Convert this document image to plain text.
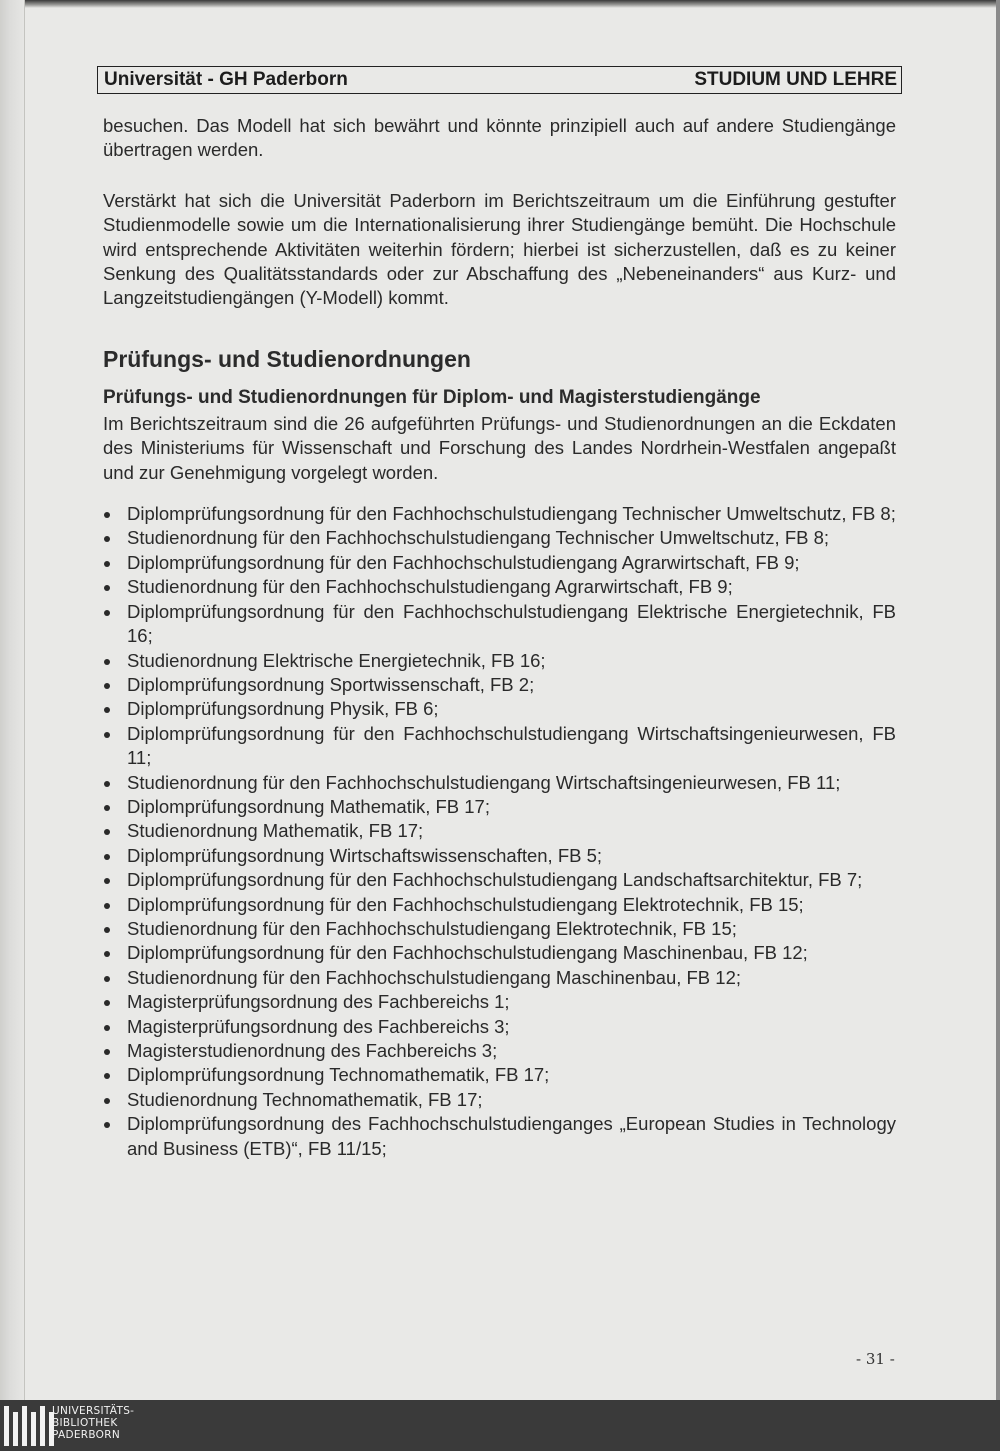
Universität - GH Paderborn	STUDIUM UND LEHRE

besuchen. Das Modell hat sich bewährt und könnte prinzipiell auch auf andere Studiengänge übertragen werden.

Verstärkt hat sich die Universität Paderborn im Berichtszeitraum um die Einführung gestufter Studienmodelle sowie um die Internationalisierung ihrer Studiengänge bemüht. Die Hochschule wird entsprechende Aktivitäten weiterhin fördern; hierbei ist sicherzustellen, daß es zu keiner Senkung des Qualitätsstandards oder zur Abschaffung des „Nebeneinanders“ aus Kurz- und Langzeitstudiengängen (Y-Modell) kommt.

Prüfungs- und Studienordnungen
Prüfungs- und Studienordnungen für Diplom- und Magisterstudiengänge

Im Berichtszeitraum sind die 26 aufgeführten Prüfungs- und Studienordnungen an die Eckdaten des Ministeriums für Wissenschaft und Forschung des Landes Nordrhein-Westfalen angepaßt und zur Genehmigung vorgelegt worden.

Diplomprüfungsordnung für den Fachhochschulstudiengang Technischer Umweltschutz, FB 8;
Studienordnung für den Fachhochschulstudiengang Technischer Umweltschutz, FB 8;
Diplomprüfungsordnung für den Fachhochschulstudiengang Agrarwirtschaft, FB 9;
Studienordnung für den Fachhochschulstudiengang Agrarwirtschaft, FB 9;
Diplomprüfungsordnung für den Fachhochschulstudiengang Elektrische Energietechnik, FB 16;
Studienordnung Elektrische Energietechnik, FB 16;
Diplomprüfungsordnung Sportwissenschaft, FB 2;
Diplomprüfungsordnung Physik, FB 6;
Diplomprüfungsordnung für den Fachhochschulstudiengang Wirtschaftsingenieurwesen, FB 11;
Studienordnung für den Fachhochschulstudiengang Wirtschaftsingenieurwesen, FB 11;
Diplomprüfungsordnung Mathematik, FB 17;
Studienordnung Mathematik, FB 17;
Diplomprüfungsordnung Wirtschaftswissenschaften, FB 5;
Diplomprüfungsordnung für den Fachhochschulstudiengang Landschaftsarchitektur, FB 7;
Diplomprüfungsordnung für den Fachhochschulstudiengang Elektrotechnik, FB 15;
Studienordnung für den Fachhochschulstudiengang Elektrotechnik, FB 15;
Diplomprüfungsordnung für den Fachhochschulstudiengang Maschinenbau, FB 12;
Studienordnung für den Fachhochschulstudiengang Maschinenbau, FB 12;
Magisterprüfungsordnung des Fachbereichs 1;
Magisterprüfungsordnung des Fachbereichs 3;
Magisterstudienordnung des Fachbereichs 3;
Diplomprüfungsordnung Technomathematik, FB 17;
Studienordnung Technomathematik, FB 17;
Diplomprüfungsordnung des Fachhochschulstudienganges „European Studies in Technology and Business (ETB)“, FB 11/15;
- 31 -
UNIVERSITÄTS-
BIBLIOTHEK
PADERBORN
